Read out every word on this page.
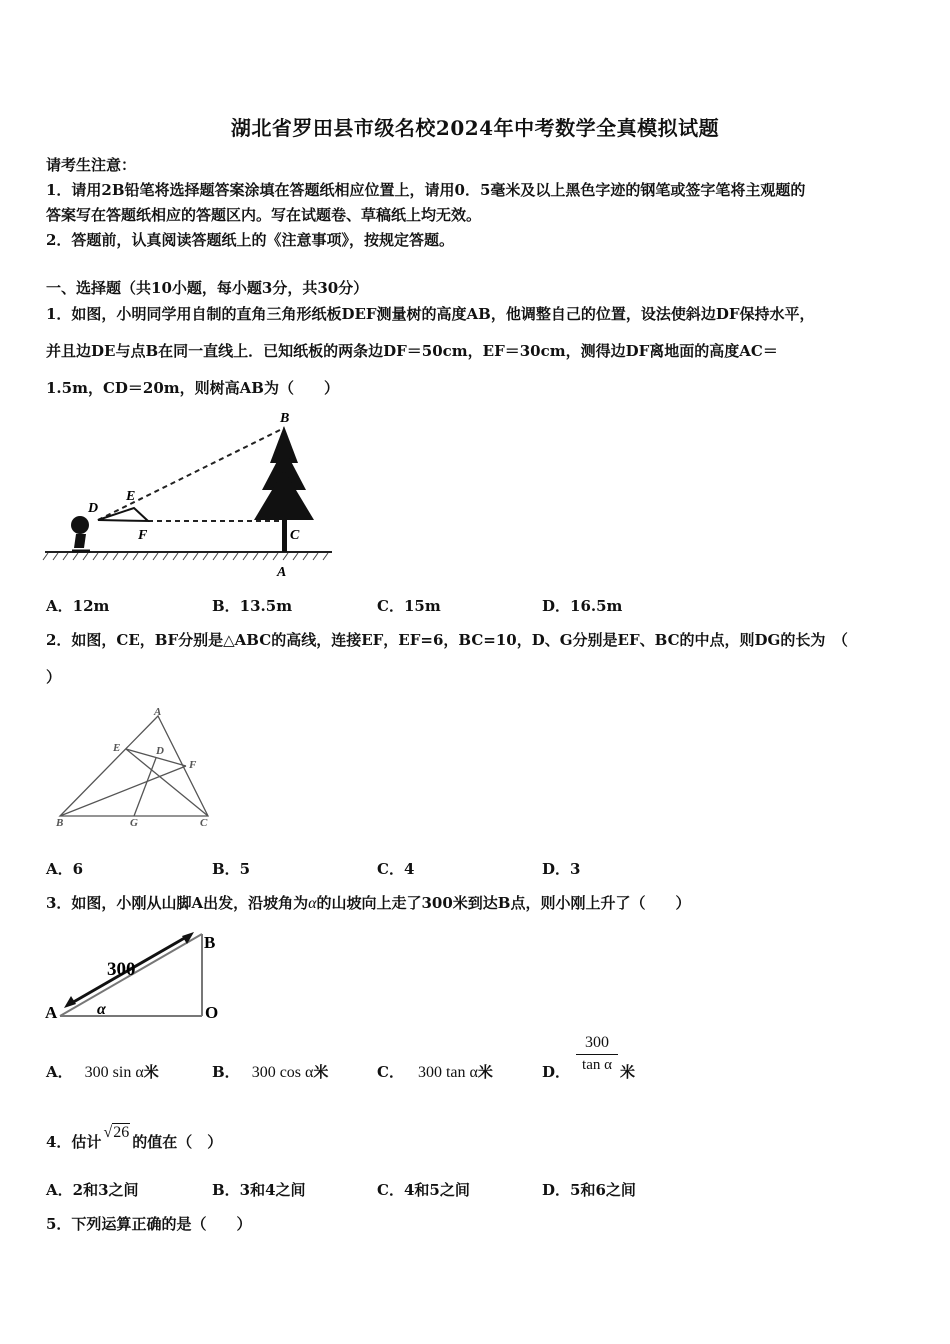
湖北省罗田县市级名校2024年中考数学全真模拟试题
请考生注意：
1．请用2B铅笔将选择题答案涂填在答题纸相应位置上，请用0．5毫米及以上黑色字迹的钢笔或签字笔将主观题的
答案写在答题纸相应的答题区内。写在试题卷、草稿纸上均无效。
2．答题前，认真阅读答题纸上的《注意事项》，按规定答题。
一、选择题（共10小题，每小题3分，共30分）
1．如图，小明同学用自制的直角三角形纸板DEF测量树的高度AB，他调整自己的位置，设法使斜边DF保持水平，
并且边DE与点B在同一直线上．已知纸板的两条边DF＝50cm，EF＝30cm，测得边DF离地面的高度AC＝
1.5m，CD＝20m，则树高AB为（　　）
B
D
E
F	C
A
A．12m	B．13.5m	C．15m	D．16.5m
2．如图，CE，BF分别是△ABC的高线，连接EF，EF=6，BC=10，D、G分别是EF、BC的中点，则DG的长为　（
）
A
E	D
F
B	G	C
A．6	B．5	C．4	D．3
3．如图，小刚从山脚A出发，沿坡角为α的山坡向上走了300米到达B点，则小刚上升了（　　）
300
B
A	O
α
A． 300 sin α米	B． 300 cos α米	C． 300 tan α米	D． $\frac{300}{\text{tan α}}$ 米
4．估计√26的值在（　）
A．2和3之间	B．3和4之间	C．4和5之间	D．5和6之间
5．下列运算正确的是（　　）
